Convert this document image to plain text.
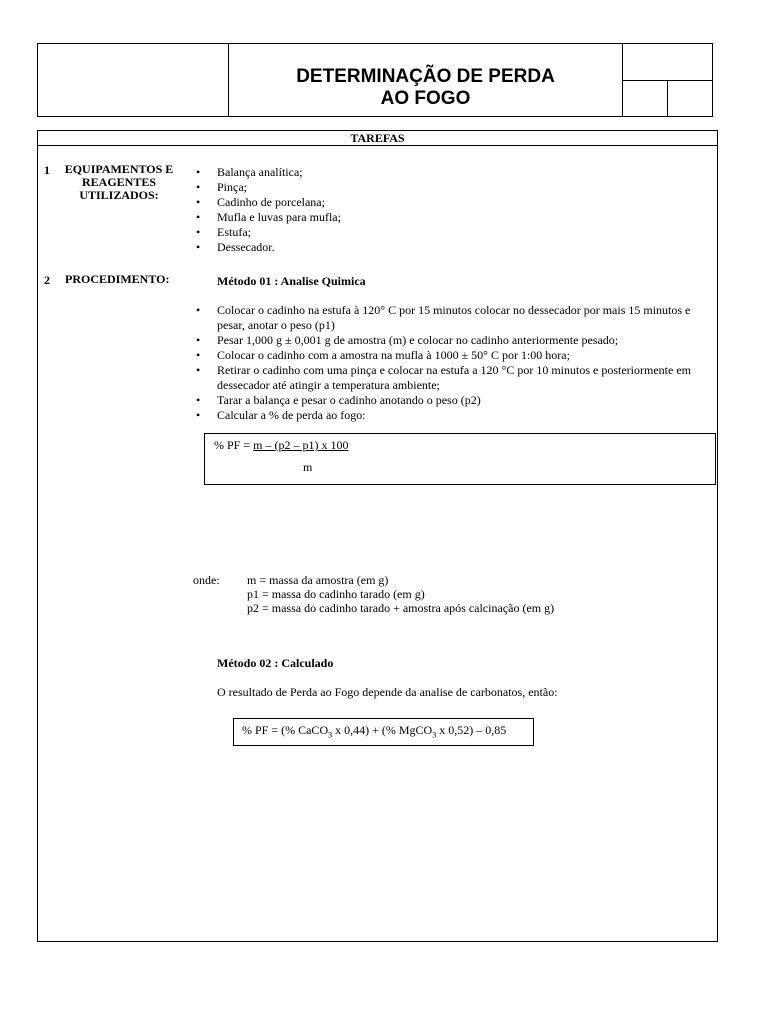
DETERMINAÇÃO DE PERDA
AO FOGO
TAREFAS
1	EQUIPAMENTOS E
REAGENTES
UTILIZADOS:
• Balança analítica;
• Pinça;
• Cadinho de porcelana;
• Mufla e luvas para mufla;
• Estufa;
• Dessecador.
2 PROCEDIMENTO:	Método 01 : Analise Quimica
• Colocar o cadinho na estufa à 120° C por 15 minutos colocar no dessecador por mais 15 minutos e pesar, anotar o peso (p1)
• Pesar 1,000 g ± 0,001 g de amostra (m) e colocar no cadinho anteriormente pesado;
• Colocar o cadinho com a amostra na mufla à 1000 ± 50° C por 1:00 hora;
• Retirar o cadinho com uma pinça e colocar na estufa a 120 °C por 10 minutos e posteriormente em dessecador até atingir a temperatura ambiente;
• Tarar a balança e pesar o cadinho anotando o peso (p2)
• Calcular a % de perda ao fogo:
% PF = m – (p2 – p1) x 100
m
onde: m = massa da amostra (em g)
p1 = massa do cadinho tarado (em g)
p2 = massa do cadinho tarado + amostra após calcinação (em g)
Método 02 : Calculado
O resultado de Perda ao Fogo depende da analise de carbonatos, então:
% PF = (% CaCO$_3$ x 0,44) + (% MgCO$_3$ x 0,52) – 0,85
